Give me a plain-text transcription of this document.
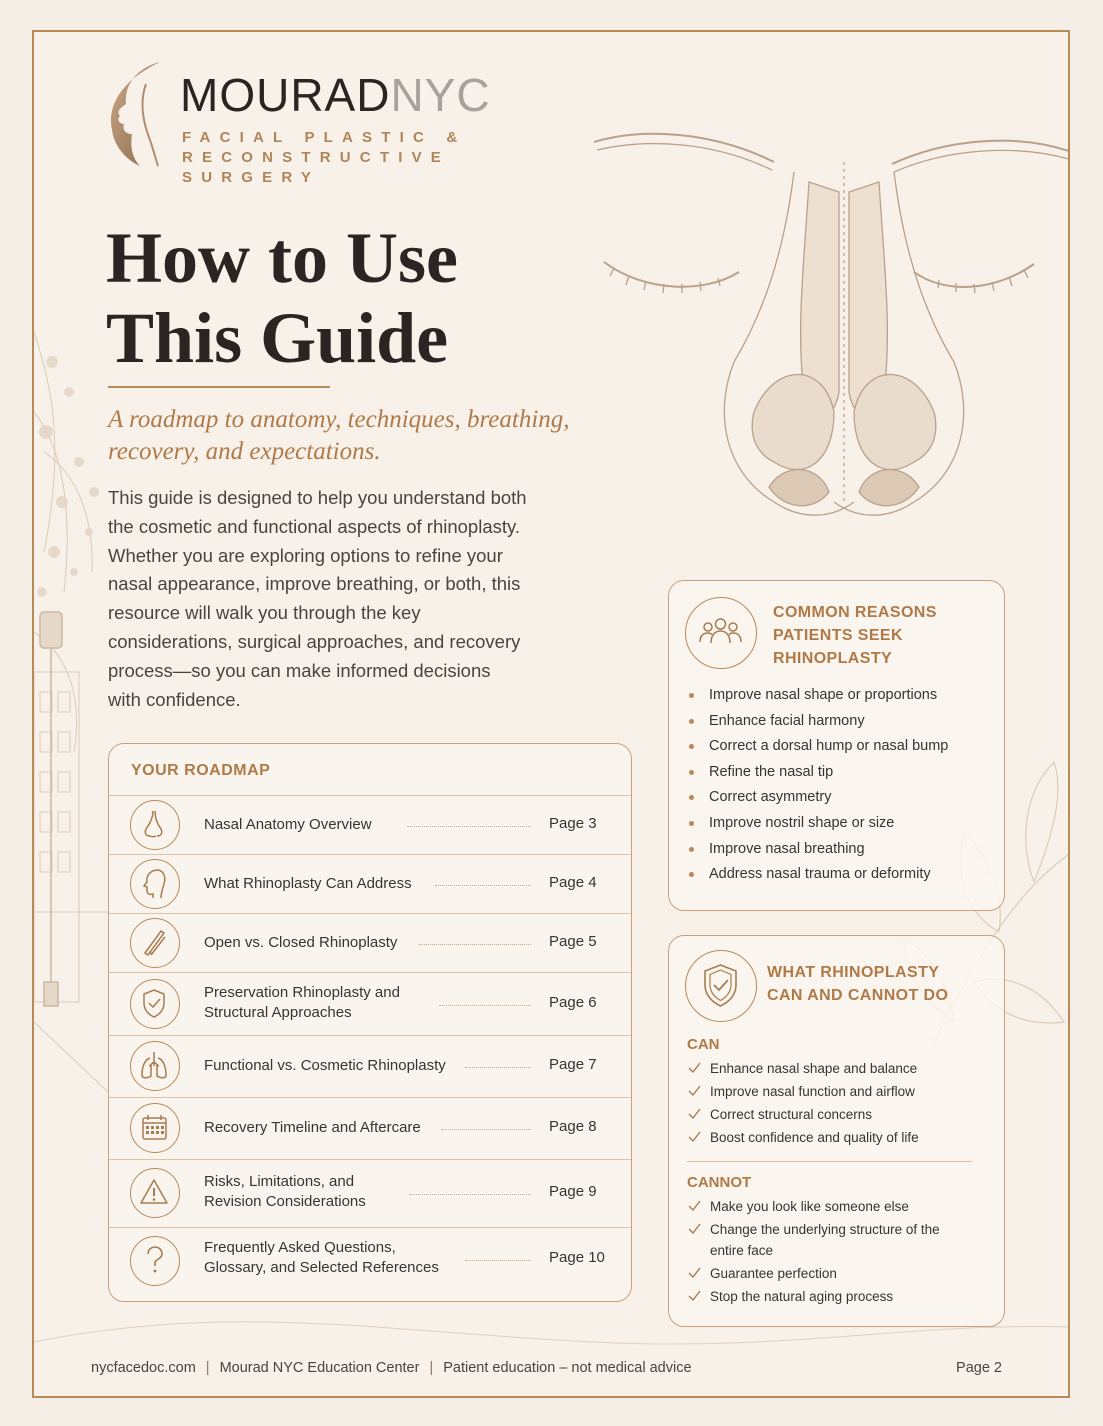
MOURADNYC
FACIAL PLASTIC &
RECONSTRUCTIVE SURGERY
How to Use
This Guide
A roadmap to anatomy, techniques, breathing, recovery, and expectations.
This guide is designed to help you understand both the cosmetic and functional aspects of rhinoplasty. Whether you are exploring options to refine your nasal appearance, improve breathing, or both, this resource will walk you through the key considerations, surgical approaches, and recovery process—so you can make informed decisions with confidence.
YOUR ROADMAP
Nasal Anatomy Overview	Page 3
What Rhinoplasty Can Address	Page 4
Open vs. Closed Rhinoplasty	Page 5
Preservation Rhinoplasty and
Structural Approaches
Page 6
Functional vs. Cosmetic Rhinoplasty	Page 7
Recovery Timeline and Aftercare	Page 8
Risks, Limitations, and
Revision Considerations
Page 9
Frequently Asked Questions,
Glossary, and Selected References
Page 10
COMMON REASONS
PATIENTS SEEK
RHINOPLASTY
Improve nasal shape or proportions
Enhance facial harmony
Correct a dorsal hump or nasal bump
Refine the nasal tip
Correct asymmetry
Improve nostril shape or size
Improve nasal breathing
Address nasal trauma or deformity
WHAT RHINOPLASTY
CAN AND CANNOT DO
CAN
Enhance nasal shape and balance
Improve nasal function and airflow
Correct structural concerns
Boost confidence and quality of life
CANNOT
Make you look like someone else
Change the underlying structure of the entire face
Guarantee perfection
Stop the natural aging process
nycfacedoc.com | Mourad NYC Education Center | Patient education – not medical advice	Page 2
